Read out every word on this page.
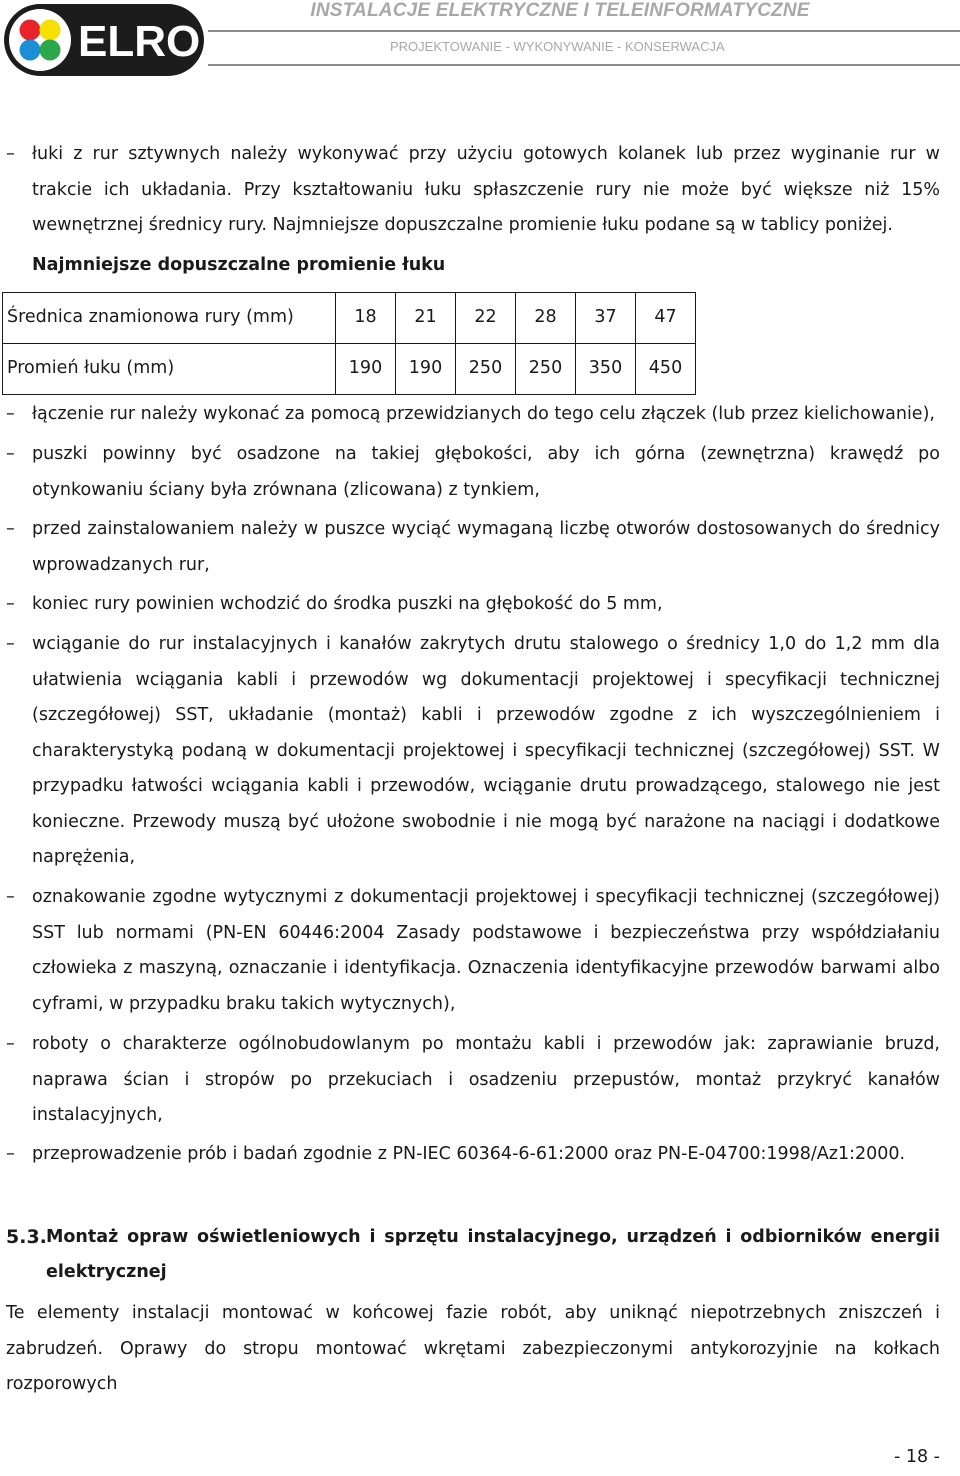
ELRO
INSTALACJE ELEKTRYCZNE I TELEINFORMATYCZNE
PROJEKTOWANIE - WYKONYWANIE - KONSERWACJA
– łuki z rur sztywnych należy wykonywać przy użyciu gotowych kolanek lub przez wyginanie rur w trakcie ich układania. Przy kształtowaniu łuku spłaszczenie rury nie może być większe niż 15% wewnętrznej średnicy rury. Najmniejsze dopuszczalne promienie łuku podane są w tablicy poniżej.
Najmniejsze dopuszczalne promienie łuku
Średnica znamionowa rury (mm)	18	21	22	28	37	47
Promień łuku (mm)	190	190	250	250	350	450
– łączenie rur należy wykonać za pomocą przewidzianych do tego celu złączek (lub przez kielichowanie),
– puszki powinny być osadzone na takiej głębokości, aby ich górna (zewnętrzna) krawędź po otynkowaniu ściany była zrównana (zlicowana) z tynkiem,
– przed zainstalowaniem należy w puszce wyciąć wymaganą liczbę otworów dostosowanych do średnicy wprowadzanych rur,
– koniec rury powinien wchodzić do środka puszki na głębokość do 5 mm,
– wciąganie do rur instalacyjnych i kanałów zakrytych drutu stalowego o średnicy 1,0 do 1,2 mm dla ułatwienia wciągania kabli i przewodów wg dokumentacji projektowej i specyfikacji technicznej (szczegółowej) SST, układanie (montaż) kabli i przewodów zgodne z ich wyszczególnieniem i charakterystyką podaną w dokumentacji projektowej i specyfikacji technicznej (szczegółowej) SST. W przypadku łatwości wciągania kabli i przewodów, wciąganie drutu prowadzącego, stalowego nie jest konieczne. Przewody muszą być ułożone swobodnie i nie mogą być narażone na naciągi i dodatkowe naprężenia,
– oznakowanie zgodne wytycznymi z dokumentacji projektowej i specyfikacji technicznej (szczegółowej) SST lub normami (PN-EN 60446:2004 Zasady podstawowe i bezpieczeństwa przy współdziałaniu człowieka z maszyną, oznaczanie i identyfikacja. Oznaczenia identyfikacyjne przewodów barwami albo cyframi, w przypadku braku takich wytycznych),
– roboty o charakterze ogólnobudowlanym po montażu kabli i przewodów jak: zaprawianie bruzd, naprawa ścian i stropów po przekuciach i osadzeniu przepustów, montaż przykryć kanałów instalacyjnych,
– przeprowadzenie prób i badań zgodnie z PN-IEC 60364-6-61:2000 oraz PN-E-04700:1998/Az1:2000.
5.3. Montaż opraw oświetleniowych i sprzętu instalacyjnego, urządzeń i odbiorników energii elektrycznej
Te elementy instalacji montować w końcowej fazie robót, aby uniknąć niepotrzebnych zniszczeń i zabrudzeń. Oprawy do stropu montować wkrętami zabezpieczonymi antykorozyjnie na kołkach rozporowych
- 18 -
